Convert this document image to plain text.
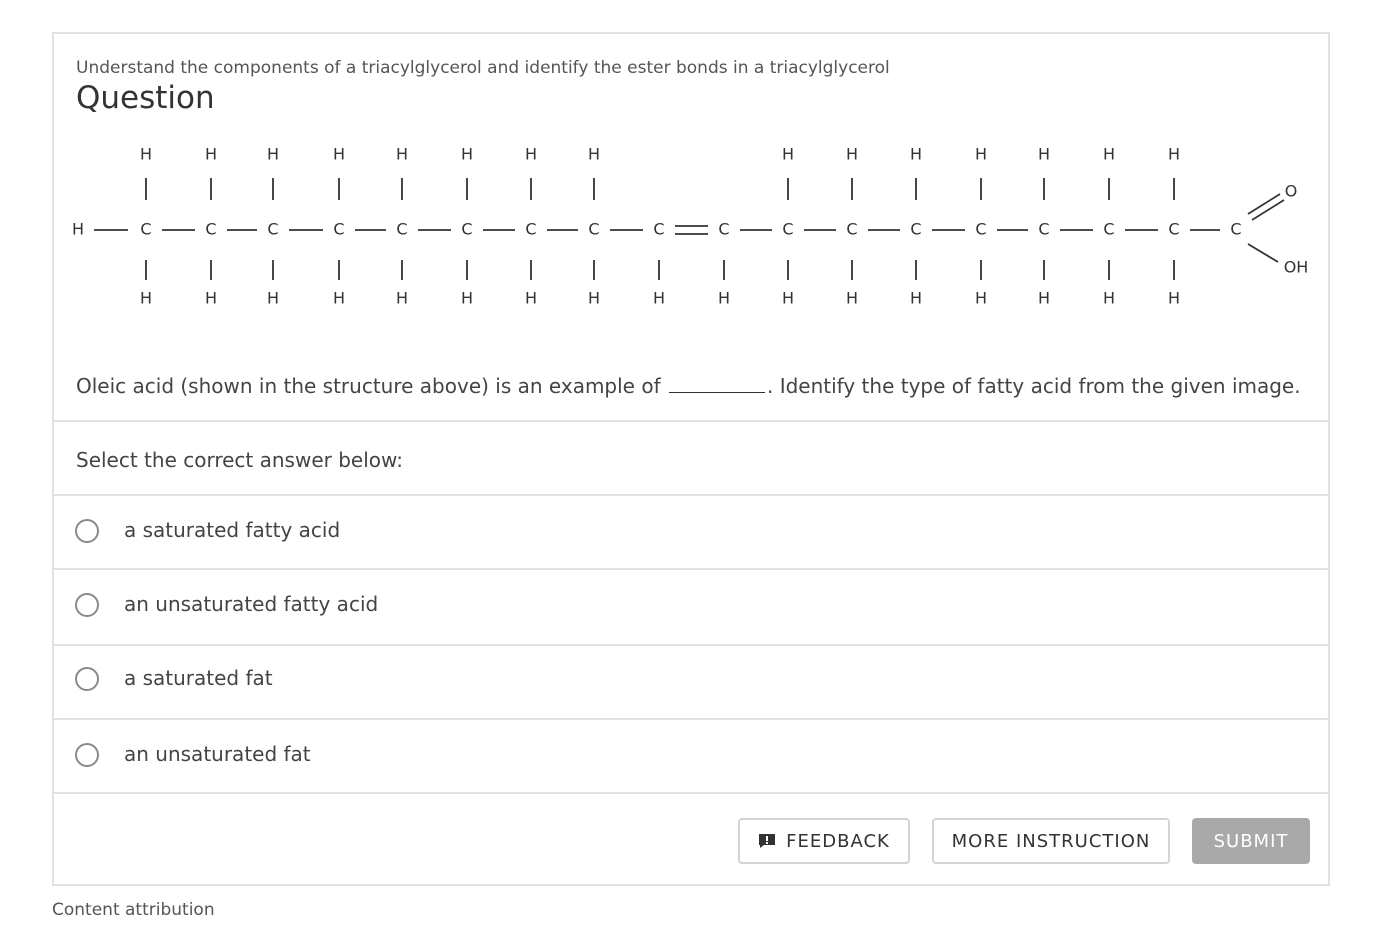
Understand the components of a triacylglycerol and identify the ester bonds in a triacylglycerol
Question
H	C
H
H
C
H
H
C
H
H
C
H
H
C
H
H
C
H
H
C
H
H
C
H
H
C
H
C
H
C
H
H
C
H
H
C
H
H
C
H
H
C
H
H
C
H
H
C
H
H
C
O
OH
Oleic acid (shown in the structure above) is an example of	. Identify the type of fatty acid from the given image.
Select the correct answer below:
a saturated fatty acid
an unsaturated fatty acid
a saturated fat
an unsaturated fat
FEEDBACK	MORE INSTRUCTION	SUBMIT
Content attribution
